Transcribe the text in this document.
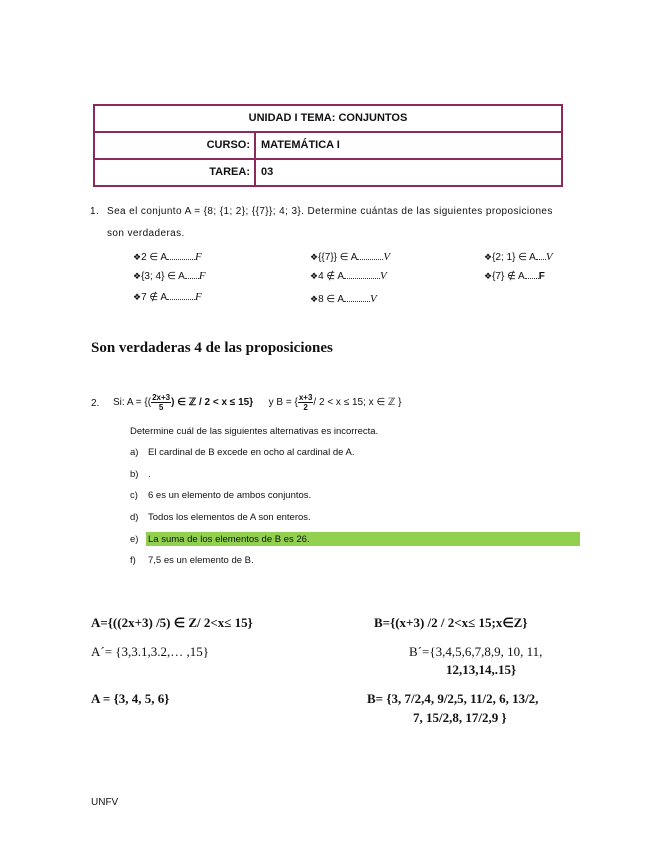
UNIDAD I TEMA: CONJUNTOS
CURSO:	MATEMÁTICA I
TAREA:	03
1. Sea el conjunto A = {8; {1; 2}; {{7}}; 4; 3}. Determine cuántas de las siguientes proposiciones
son verdaderas.
❖2 ∈ A	F	❖{{7}} ∈ A V	❖{2; 1} ∈ A V
❖{3; 4} ∈ A F	❖4 ∉ A	V	❖{7} ∉ A F
❖7 ∉ A	F	❖8 ∈ A V
Son verdaderas 4 de las proposiciones
2. Si: A = {( $\frac{2x+3}{5}$ ) ∈ ℤ / 2 < x ≤ 15} y B = { $\frac{x+3}{2} / 2 < x \le 15$; x ∈ ℤ }
Determine cuál de las siguientes alternativas es incorrecta.
a) El cardinal de B excede en ocho al cardinal de A.
b) .
c) 6 es un elemento de ambos conjuntos.
d) Todos los elementos de A son enteros.
e) La suma de los elementos de B es 26.
f) 7,5 es un elemento de B.
A={((2x+3) /5) ∈ Z/ 2<x≤ 15}	B={(x+3) /2 / 2<x≤ 15;x∈Z}
A´= {3,3.1,3.2,… ,15}	B´={3,4,5,6,7,8,9, 10, 11,
12,13,14,.15}
A = {3, 4, 5, 6}	B= {3, 7/2,4, 9/2,5, 11/2, 6, 13/2,
7, 15/2,8, 17/2,9 }
UNFV
